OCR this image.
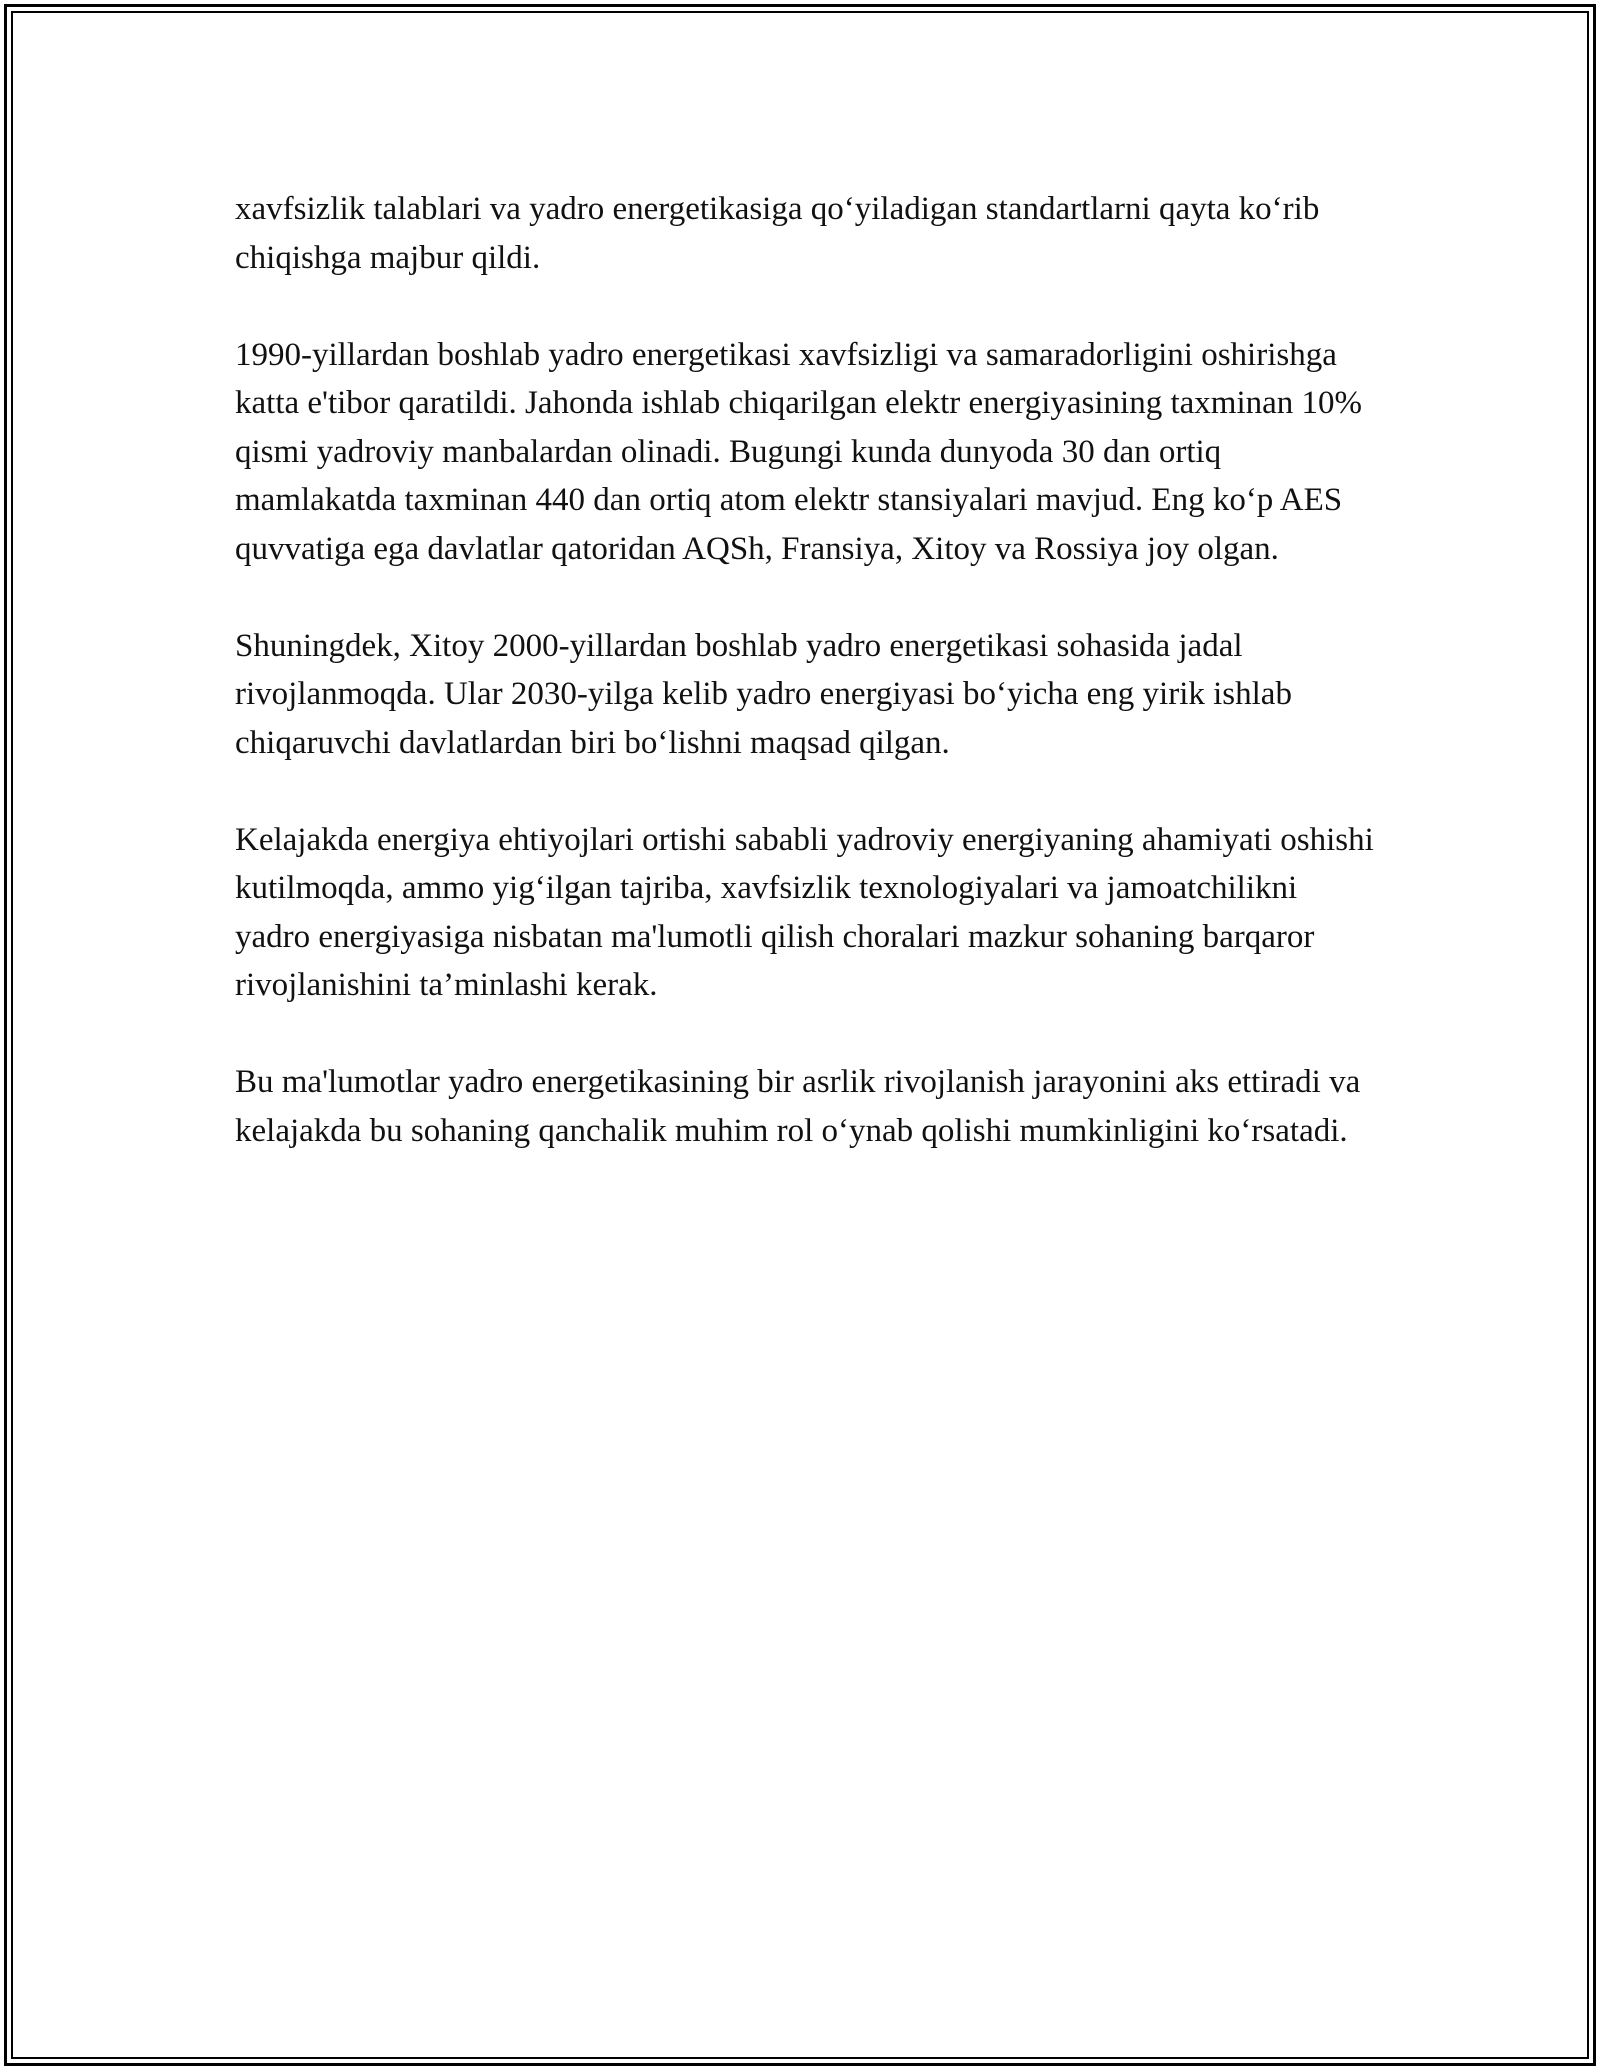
xavfsizlik talablari va yadro energetikasiga qo‘yiladigan standartlarni qayta ko‘rib chiqishga majbur qildi.

1990-yillardan boshlab yadro energetikasi xavfsizligi va samaradorligini oshirishga katta e'tibor qaratildi. Jahonda ishlab chiqarilgan elektr energiyasining taxminan 10% qismi yadroviy manbalardan olinadi. Bugungi kunda dunyoda 30 dan ortiq mamlakatda taxminan 440 dan ortiq atom elektr stansiyalari mavjud. Eng ko‘p AES quvvatiga ega davlatlar qatoridan AQSh, Fransiya, Xitoy va Rossiya joy olgan.

Shuningdek, Xitoy 2000-yillardan boshlab yadro energetikasi sohasida jadal rivojlanmoqda. Ular 2030-yilga kelib yadro energiyasi bo‘yicha eng yirik ishlab chiqaruvchi davlatlardan biri bo‘lishni maqsad qilgan.

Kelajakda energiya ehtiyojlari ortishi sababli yadroviy energiyaning ahamiyati oshishi kutilmoqda, ammo yig‘ilgan tajriba, xavfsizlik texnologiyalari va jamoatchilikni yadro energiyasiga nisbatan ma'lumotli qilish choralari mazkur sohaning barqaror rivojlanishini ta’minlashi kerak.

Bu ma'lumotlar yadro energetikasining bir asrlik rivojlanish jarayonini aks ettiradi va kelajakda bu sohaning qanchalik muhim rol o‘ynab qolishi mumkinligini ko‘rsatadi.
